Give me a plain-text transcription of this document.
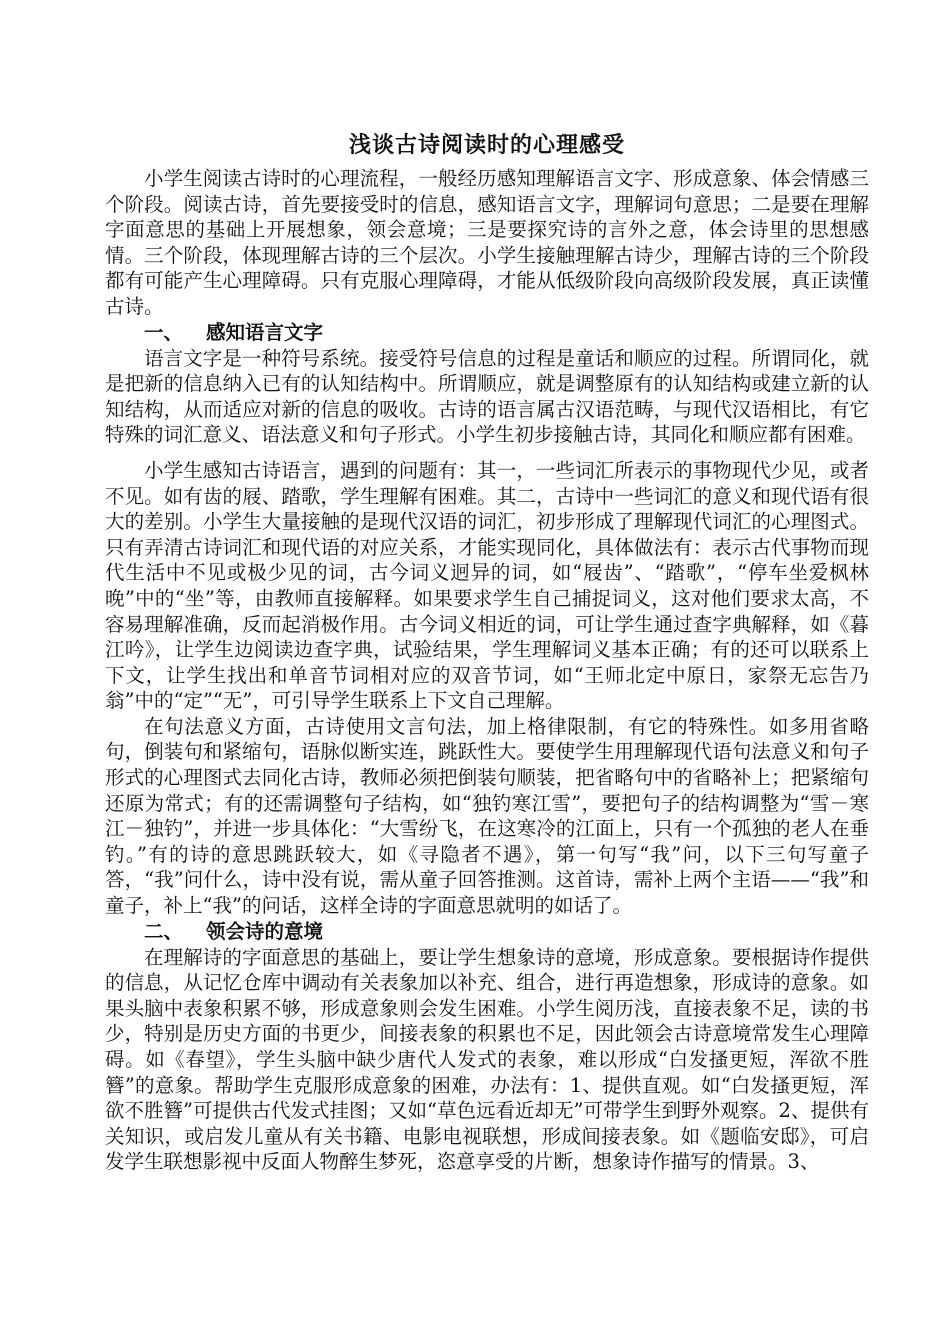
浅谈古诗阅读时的心理感受

小学生阅读古诗时的心理流程，一般经历感知理解语言文字、形成意象、体会情感三个阶段。阅读古诗，首先要接受时的信息，感知语言文字，理解词句意思；二是要在理解字面意思的基础上开展想象，领会意境；三是要探究诗的言外之意，体会诗里的思想感情。三个阶段，体现理解古诗的三个层次。小学生接触理解古诗少，理解古诗的三个阶段都有可能产生心理障碍。只有克服心理障碍，才能从低级阶段向高级阶段发展，真正读懂古诗。

一、 感知语言文字

语言文字是一种符号系统。接受符号信息的过程是童话和顺应的过程。所谓同化，就是把新的信息纳入已有的认知结构中。所谓顺应，就是调整原有的认知结构或建立新的认知结构，从而适应对新的信息的吸收。古诗的语言属古汉语范畴，与现代汉语相比，有它特殊的词汇意义、语法意义和句子形式。小学生初步接触古诗，其同化和顺应都有困难。

小学生感知古诗语言，遇到的问题有：其一，一些词汇所表示的事物现代少见，或者不见。如有齿的屐、踏歌，学生理解有困难。其二，古诗中一些词汇的意义和现代语有很大的差别。小学生大量接触的是现代汉语的词汇，初步形成了理解现代词汇的心理图式。只有弄清古诗词汇和现代语的对应关系，才能实现同化，具体做法有：表示古代事物而现代生活中不见或极少见的词，古今词义迥异的词，如“屐齿”、“踏歌”，“停车坐爱枫林晚”中的“坐”等，由教师直接解释。如果要求学生自己捕捉词义，这对他们要求太高，不容易理解准确，反而起消极作用。古今词义相近的词，可让学生通过查字典解释，如《暮江吟》，让学生边阅读边查字典，试验结果，学生理解词义基本正确；有的还可以联系上下文，让学生找出和单音节词相对应的双音节词，如“王师北定中原日，家祭无忘告乃翁”中的“定”“无”，可引导学生联系上下文自己理解。

在句法意义方面，古诗使用文言句法，加上格律限制，有它的特殊性。如多用省略句，倒装句和紧缩句，语脉似断实连，跳跃性大。要使学生用理解现代语句法意义和句子形式的心理图式去同化古诗，教师必须把倒装句顺装，把省略句中的省略补上；把紧缩句还原为常式；有的还需调整句子结构，如“独钓寒江雪”，要把句子的结构调整为“雪－寒江－独钓”，并进一步具体化：“大雪纷飞，在这寒冷的江面上，只有一个孤独的老人在垂钓。”有的诗的意思跳跃较大，如《寻隐者不遇》，第一句写“我”问，以下三句写童子答，“我”问什么，诗中没有说，需从童子回答推测。这首诗，需补上两个主语——“我”和童子，补上“我”的问话，这样全诗的字面意思就明的如话了。

二、 领会诗的意境

在理解诗的字面意思的基础上，要让学生想象诗的意境，形成意象。要根据诗作提供的信息，从记忆仓库中调动有关表象加以补充、组合，进行再造想象，形成诗的意象。如果头脑中表象积累不够，形成意象则会发生困难。小学生阅历浅，直接表象不足，读的书少，特别是历史方面的书更少，间接表象的积累也不足，因此领会古诗意境常发生心理障碍。如《春望》，学生头脑中缺少唐代人发式的表象，难以形成“白发搔更短，浑欲不胜簪”的意象。帮助学生克服形成意象的困难，办法有：1、提供直观。如“白发搔更短，浑欲不胜簪”可提供古代发式挂图；又如“草色远看近却无”可带学生到野外观察。2、提供有关知识，或启发儿童从有关书籍、电影电视联想，形成间接表象。如《题临安邸》，可启发学生联想影视中反面人物醉生梦死，恣意享受的片断，想象诗作描写的情景。3、
